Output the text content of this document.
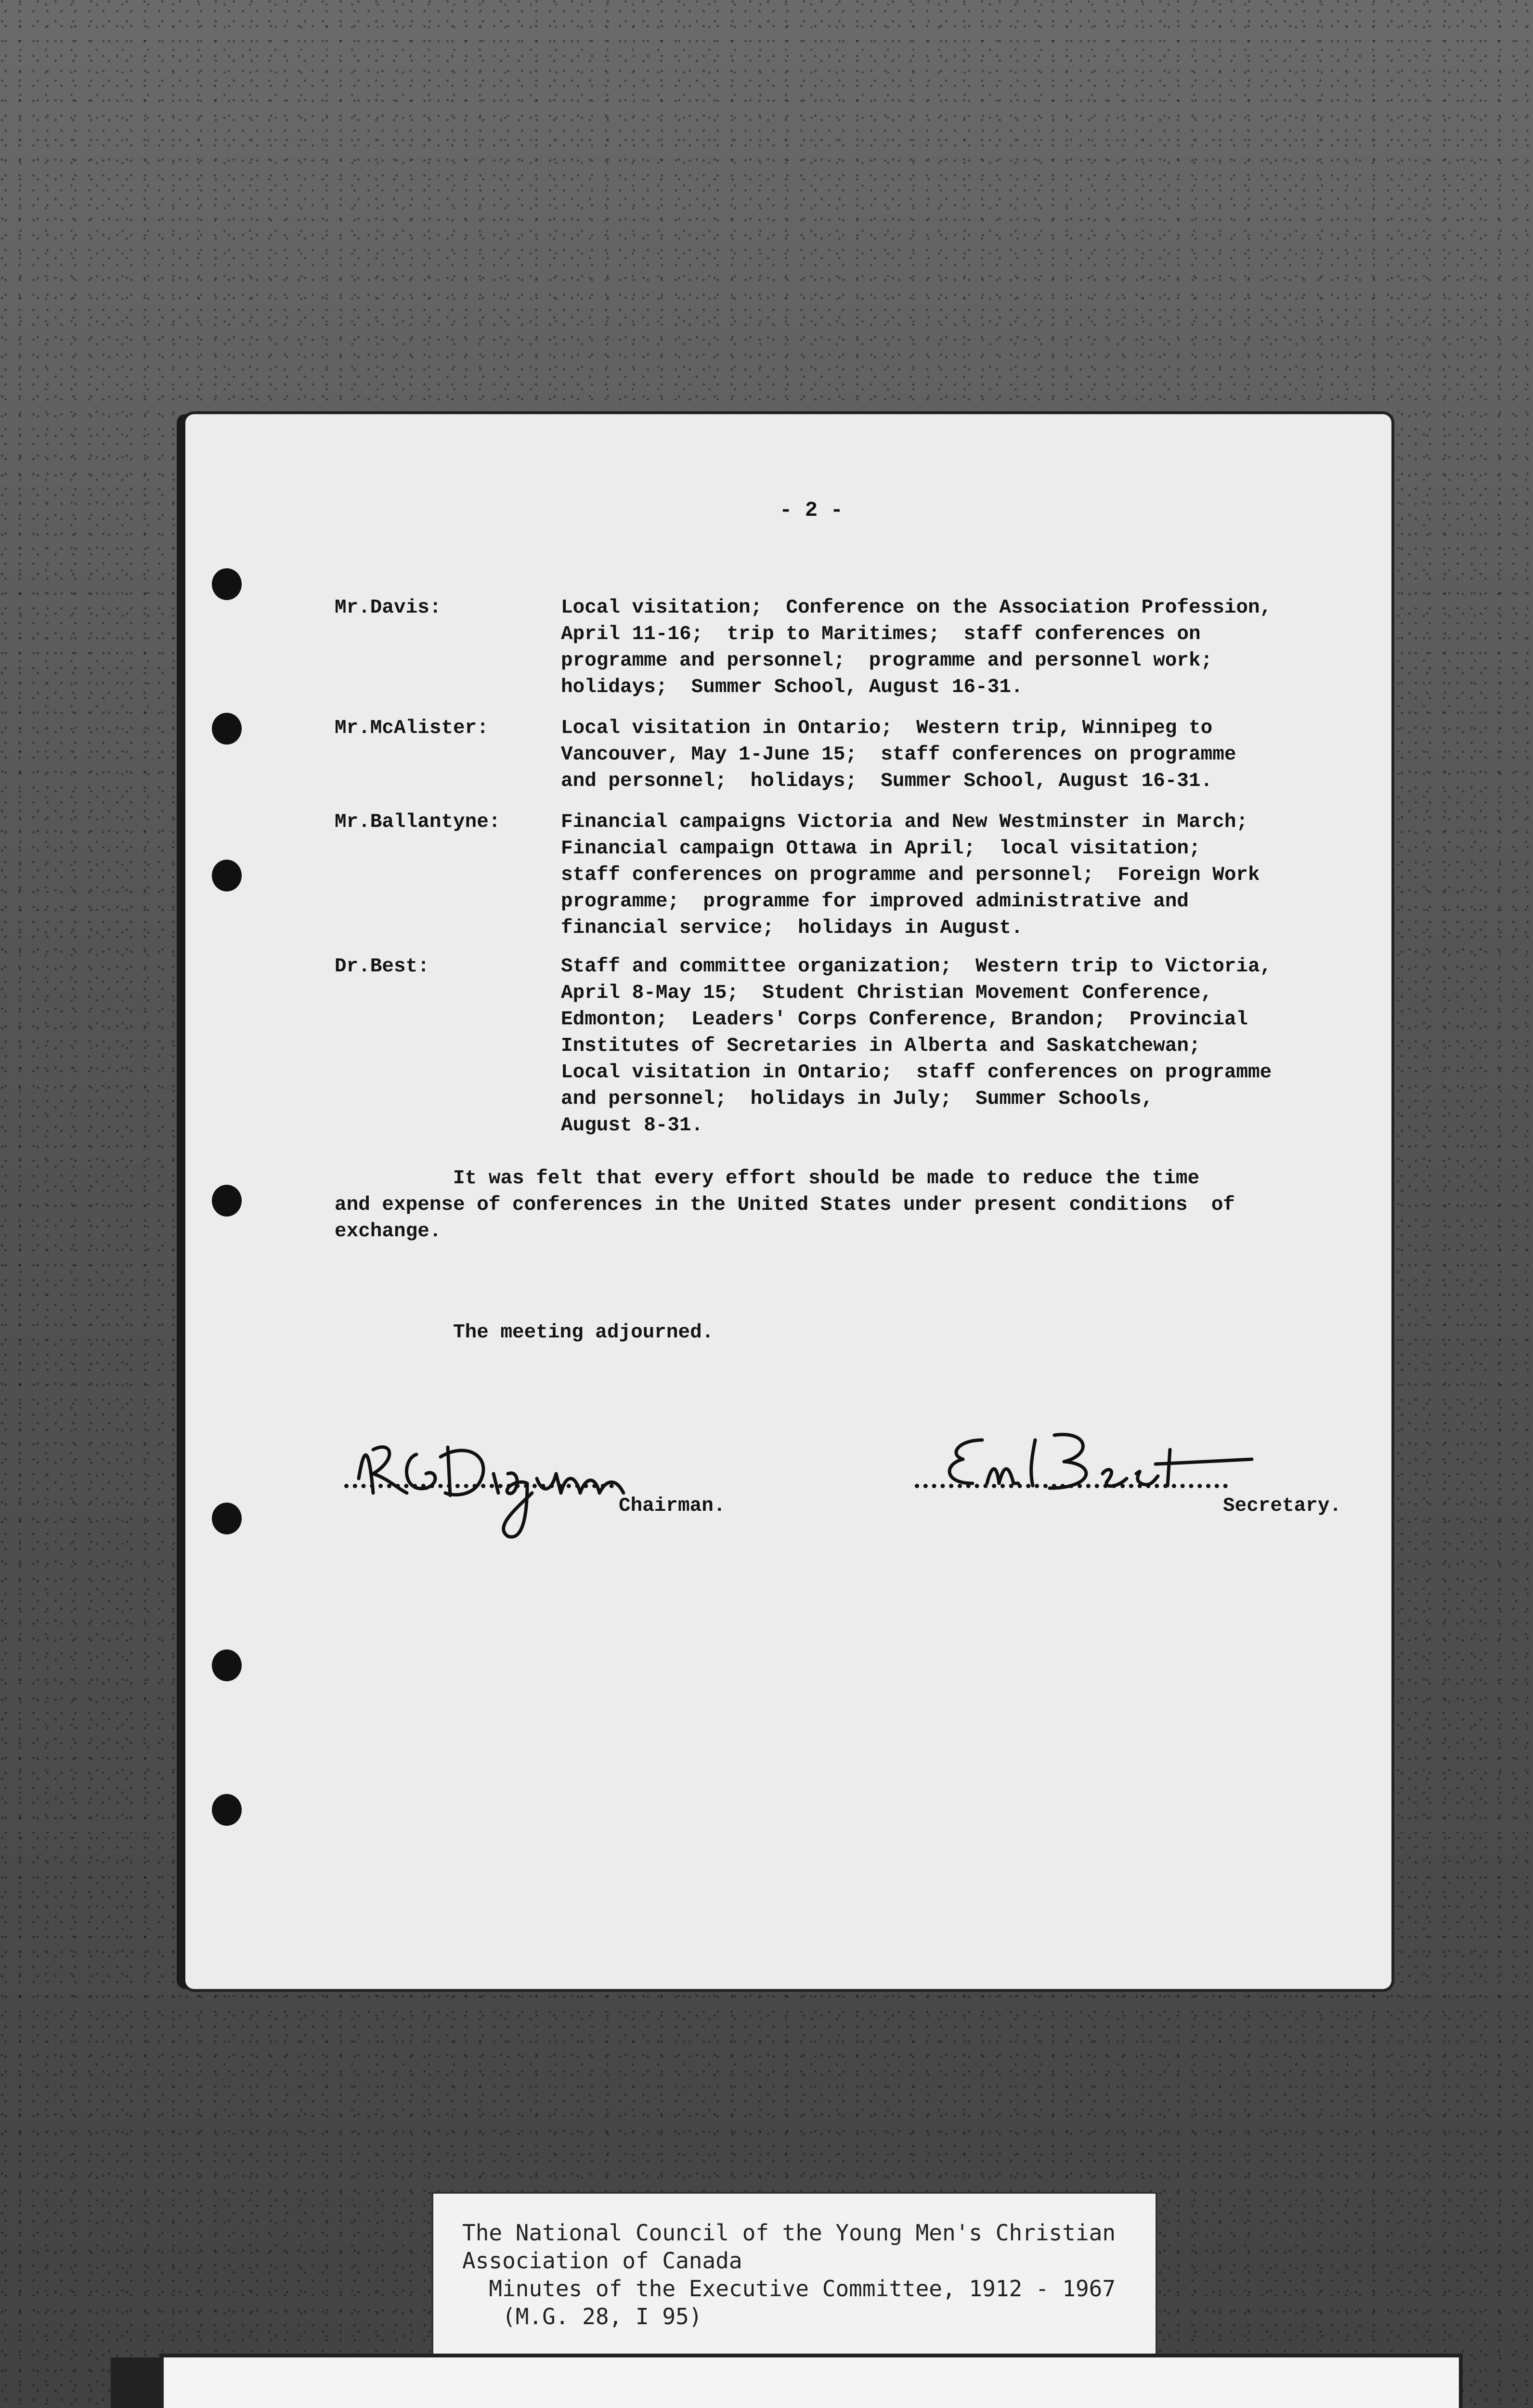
- 2 -
Mr.Davis:	Local visitation;  Conference on the Association Profession,
April 11-16;  trip to Maritimes;  staff conferences on
programme and personnel;  programme and personnel work;
holidays;  Summer School, August 16-31.
Mr.McAlister:	Local visitation in Ontario;  Western trip, Winnipeg to
Vancouver, May 1-June 15;  staff conferences on programme
and personnel;  holidays;  Summer School, August 16-31.
Mr.Ballantyne:	Financial campaigns Victoria and New Westminster in March;
Financial campaign Ottawa in April;  local visitation;
staff conferences on programme and personnel;  Foreign Work
programme;  programme for improved administrative and
financial service;  holidays in August.
Dr.Best:	Staff and committee organization;  Western trip to Victoria,
April 8-May 15;  Student Christian Movement Conference,
Edmonton;  Leaders' Corps Conference, Brandon;  Provincial
Institutes of Secretaries in Alberta and Saskatchewan;
Local visitation in Ontario;  staff conferences on programme
and personnel;  holidays in July;  Summer Schools,
August 8-31.
It was felt that every effort should be made to reduce the time
and expense of conferences in the United States under present conditions  of
exchange.
The meeting adjourned.
Chairman.	Secretary.
The National Council of the Young Men's Christian
Association of Canada
Minutes of the Executive Committee, 1912 - 1967
(M.G. 28, I 95)
